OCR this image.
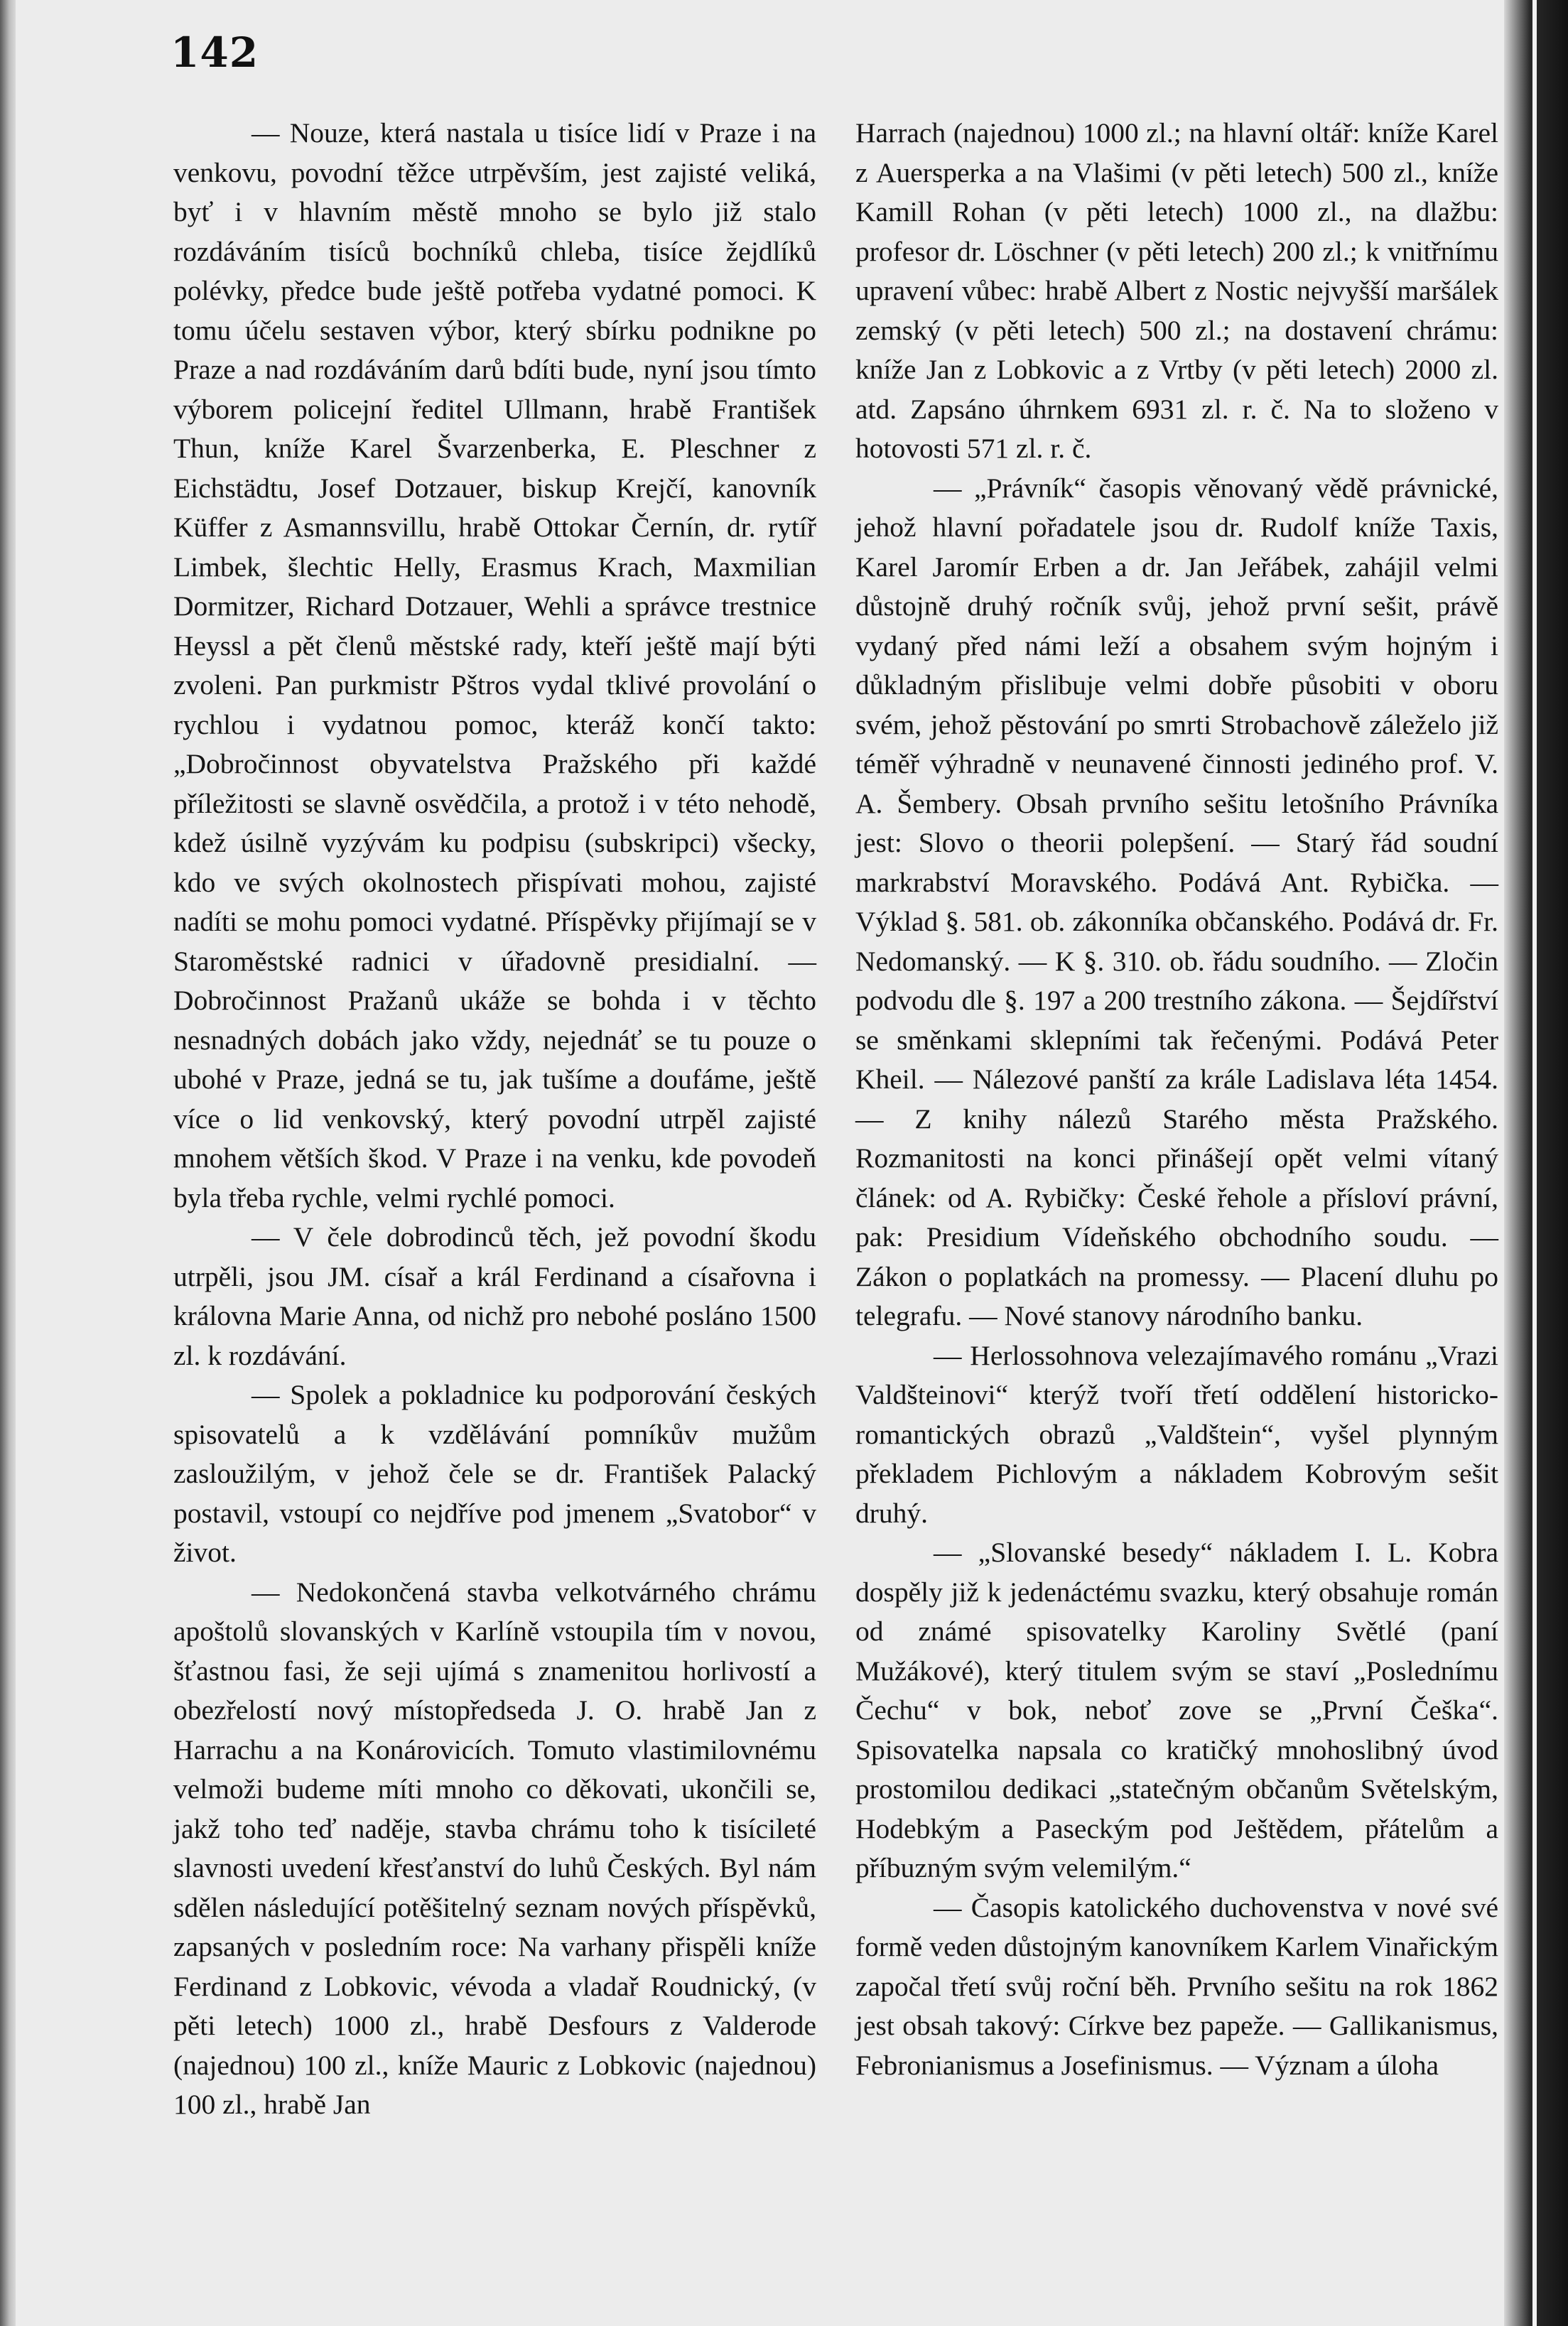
142

— Nouze, která nastala u tisíce lidí v Praze i na venkovu, povodní těžce utrpěvším, jest zajisté veliká, byť i v hlavním městě mnoho se bylo již stalo rozdáváním tisíců bochníků chleba, tisíce žejdlíků polévky, předce bude ještě potřeba vydatné pomoci. K tomu účelu sestaven výbor, který sbírku podnikne po Praze a nad rozdáváním darů bdíti bude, nyní jsou tímto výborem policejní ředitel Ullmann, hrabě František Thun, kníže Karel Švarzenberka, E. Pleschner z Eichstädtu, Josef Dotzauer, biskup Krejčí, kanovník Küffer z Asmannsvillu, hrabě Ottokar Černín, dr. rytíř Limbek, šlechtic Helly, Erasmus Krach, Maxmilian Dormitzer, Richard Dotzauer, Wehli a správce trestnice Heyssl a pět členů městské rady, kteří ještě mají býti zvoleni. Pan purkmistr Pštros vydal tklivé provolání o rychlou i vydatnou pomoc, kteráž končí takto: „Dobročinnost obyvatelstva Pražského při každé příležitosti se slavně osvědčila, a protož i v této nehodě, kdež úsilně vyzývám ku podpisu (subskripci) všecky, kdo ve svých okolnostech přispívati mohou, zajisté nadíti se mohu pomoci vydatné. Příspěvky přijímají se v Staroměstské radnici v úřadovně presidialní. — Dobročinnost Pražanů ukáže se bohda i v těchto nesnadných dobách jako vždy, nejednáť se tu pouze o ubohé v Praze, jedná se tu, jak tušíme a doufáme, ještě více o lid venkovský, který povodní utrpěl zajisté mnohem větších škod. V Praze i na venku, kde povodeň byla třeba rychle, velmi rychlé pomoci.

— V čele dobrodinců těch, jež povodní škodu utrpěli, jsou JM. císař a král Ferdinand a císařovna i královna Marie Anna, od nichž pro nebohé posláno 1500 zl. k rozdávání.

— Spolek a pokladnice ku podporování českých spisovatelů a k vzdělávání pomníkův mužům zasloužilým, v jehož čele se dr. František Palacký postavil, vstoupí co nejdříve pod jmenem „Svatobor“ v život.

— Nedokončená stavba velkotvárného chrámu apoštolů slovanských v Karlíně vstoupila tím v novou, šťastnou fasi, že seji ujímá s znamenitou horlivostí a obezřelostí nový místopředseda J. O. hrabě Jan z Harrachu a na Konárovicích. Tomuto vlastimilovnému velmoži budeme míti mnoho co děkovati, ukončili se, jakž toho teď naděje, stavba chrámu toho k tisícileté slavnosti uvedení křesťanství do luhů Českých. Byl nám sdělen následující potěšitelný seznam nových příspěvků, zapsaných v posledním roce: Na varhany přispěli kníže Ferdinand z Lobkovic, vévoda a vladař Roudnický, (v pěti letech) 1000 zl., hrabě Desfours z Valderode (najednou) 100 zl., kníže Mauric z Lobkovic (najednou) 100 zl., hrabě Jan

Harrach (najednou) 1000 zl.; na hlavní oltář: kníže Karel z Auersperka a na Vlašimi (v pěti letech) 500 zl., kníže Kamill Rohan (v pěti letech) 1000 zl., na dlažbu: profesor dr. Löschner (v pěti letech) 200 zl.; k vnitřnímu upravení vůbec: hrabě Albert z Nostic nejvyšší maršálek zemský (v pěti letech) 500 zl.; na dostavení chrámu: kníže Jan z Lobkovic a z Vrtby (v pěti letech) 2000 zl. atd. Zapsáno úhrnkem 6931 zl. r. č. Na to složeno v hotovosti 571 zl. r. č.

— „Právník“ časopis věnovaný vědě právnické, jehož hlavní pořadatele jsou dr. Rudolf kníže Taxis, Karel Jaromír Erben a dr. Jan Jeřábek, zahájil velmi důstojně druhý ročník svůj, jehož první sešit, právě vydaný před námi leží a obsahem svým hojným i důkladným přislibuje velmi dobře působiti v oboru svém, jehož pěstování po smrti Strobachově záleželo již téměř výhradně v neunavené činnosti jediného prof. V. A. Šembery. Obsah prvního sešitu letošního Právníka jest: Slovo o theorii polepšení. — Starý řád soudní markrabství Moravského. Podává Ant. Rybička. — Výklad §. 581. ob. zákonníka občanského. Podává dr. Fr. Nedomanský. — K §. 310. ob. řádu soudního. — Zločin podvodu dle §. 197 a 200 trestního zákona. — Šejdířství se směnkami sklepními tak řečenými. Podává Peter Kheil. — Nálezové panští za krále Ladislava léta 1454. — Z knihy nálezů Starého města Pražského. Rozmanitosti na konci přinášejí opět velmi vítaný článek: od A. Rybičky: České řehole a přísloví právní, pak: Presidium Vídeňského obchodního soudu. — Zákon o poplatkách na promessy. — Placení dluhu po telegrafu. — Nové stanovy národního banku.

— Herlossohnova velezajímavého románu „Vrazi Valdšteinovi“ kterýž tvoří třetí oddělení historicko-romantických obrazů „Valdštein“, vyšel plynným překladem Pichlovým a nákladem Kobrovým sešit druhý.

— „Slovanské besedy“ nákladem I. L. Kobra dospěly již k jedenáctému svazku, který obsahuje román od známé spisovatelky Karoliny Světlé (paní Mužákové), který titulem svým se staví „Poslednímu Čechu“ v bok, neboť zove se „První Češka“. Spisovatelka napsala co kratičký mnohoslibný úvod prostomilou dedikaci „statečným občanům Světelským, Hodebkým a Paseckým pod Ještědem, přátelům a příbuzným svým velemilým.“

— Časopis katolického duchovenstva v nové své formě veden důstojným kanovníkem Karlem Vinařickým započal třetí svůj roční běh. Prvního sešitu na rok 1862 jest obsah takový: Církve bez papeže. — Gallikanismus, Febronianismus a Josefinismus. — Význam a úloha
